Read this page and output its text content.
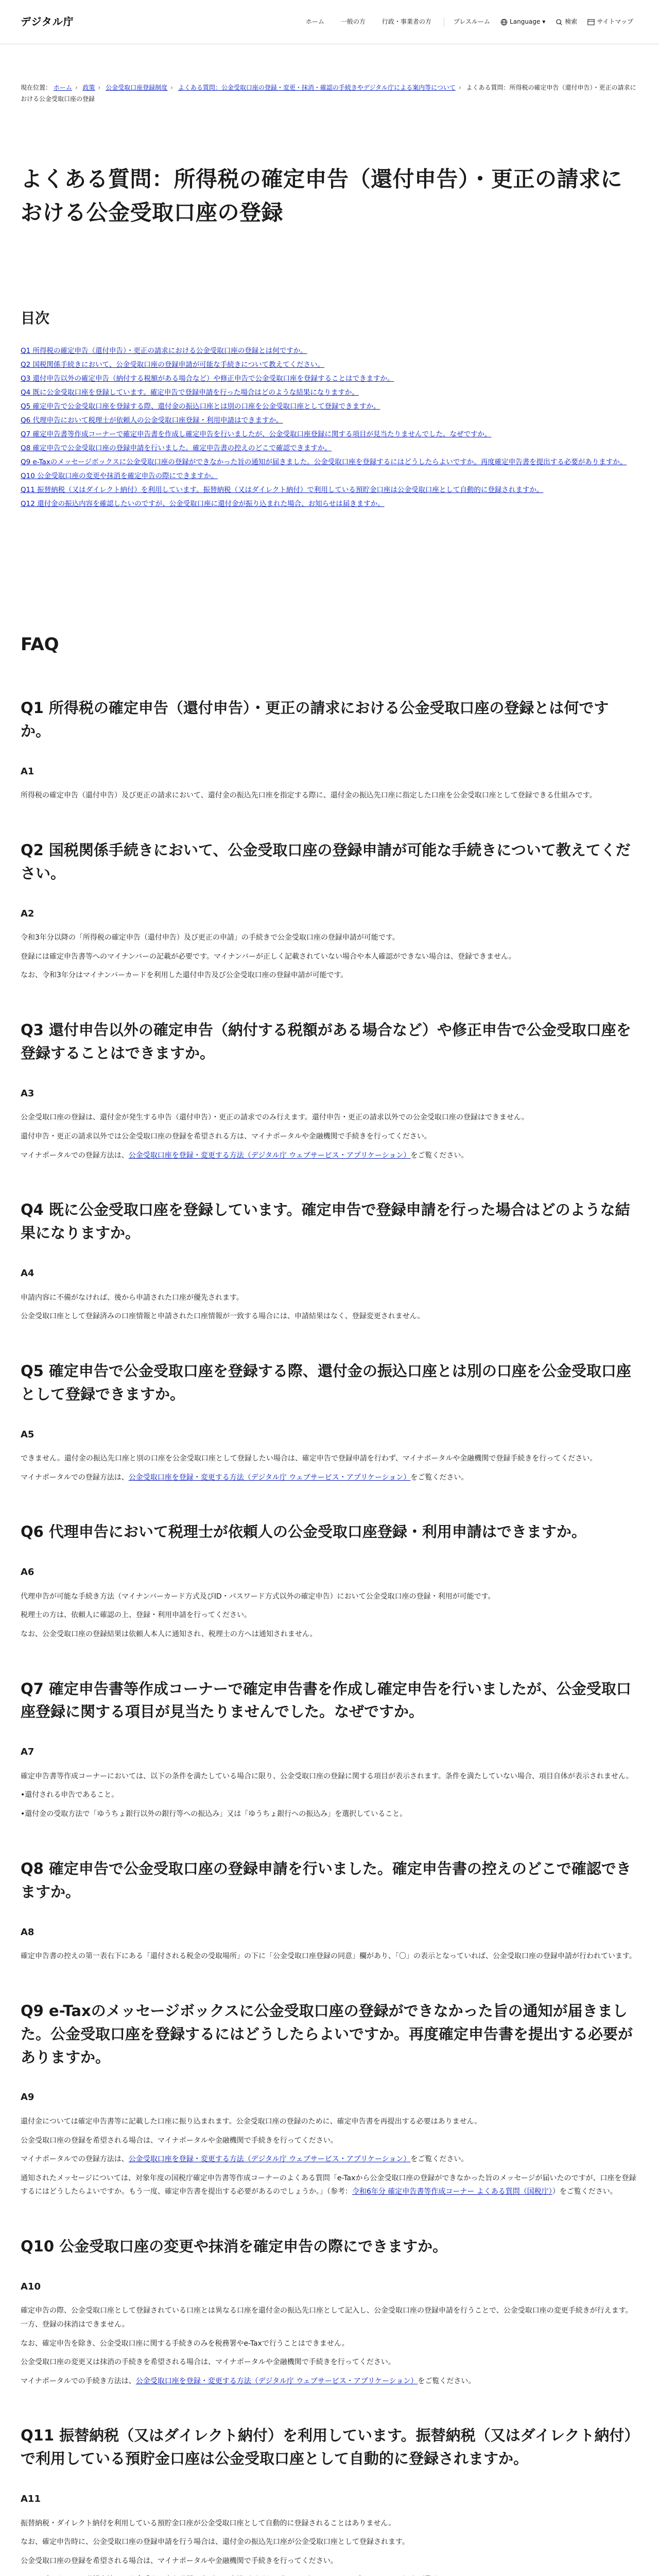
デジタル庁	ホーム	一般の方	行政・事業者の方	プレスルーム	Language ▾	検索	サイトマップ
現在位置： ホーム › 政策 › 公金受取口座登録制度 › よくある質問：公金受取口座の登録・変更・抹消・確認の手続きやデジタル庁による案内等について › よくある質問：所得税の確定申告（還付申告）・更正の請求における公金受取口座の登録
よくある質問：所得税の確定申告（還付申告）・更正の請求における公金受取口座の登録
目次
Q1 所得税の確定申告（還付申告）・更正の請求における公金受取口座の登録とは何ですか。
Q2 国税関係手続きにおいて、公金受取口座の登録申請が可能な手続きについて教えてください。
Q3 還付申告以外の確定申告（納付する税額がある場合など）や修正申告で公金受取口座を登録することはできますか。
Q4 既に公金受取口座を登録しています。確定申告で登録申請を行った場合はどのような結果になりますか。
Q5 確定申告で公金受取口座を登録する際、還付金の振込口座とは別の口座を公金受取口座として登録できますか。
Q6 代理申告において税理士が依頼人の公金受取口座登録・利用申請はできますか。
Q7 確定申告書等作成コーナーで確定申告書を作成し確定申告を行いましたが、公金受取口座登録に関する項目が見当たりませんでした。なぜですか。
Q8 確定申告で公金受取口座の登録申請を行いました。確定申告書の控えのどこで確認できますか。
Q9 e-Taxのメッセージボックスに公金受取口座の登録ができなかった旨の通知が届きました。公金受取口座を登録するにはどうしたらよいですか。再度確定申告書を提出する必要がありますか。
Q10 公金受取口座の変更や抹消を確定申告の際にできますか。
Q11 振替納税（又はダイレクト納付）を利用しています。振替納税（又はダイレクト納付）で利用している預貯金口座は公金受取口座として自動的に登録されますか。
Q12 還付金の振込内容を確認したいのですが、公金受取口座に還付金が振り込まれた場合、お知らせは届きますか。
FAQ
Q1 所得税の確定申告（還付申告）・更正の請求における公金受取口座の登録とは何ですか。
A1

所得税の確定申告（還付申告）及び更正の請求において、還付金の振込先口座を指定する際に、還付金の振込先口座に指定した口座を公金受取口座として登録できる仕組みです。

Q2 国税関係手続きにおいて、公金受取口座の登録申請が可能な手続きについて教えてください。
A2

令和3年分以降の「所得税の確定申告（還付申告）及び更正の申請」の手続きで公金受取口座の登録申請が可能です。

登録には確定申告書等へのマイナンバーの記載が必要です。マイナンバーが正しく記載されていない場合や本人確認ができない場合は、登録できません。

なお、令和3年分はマイナンバーカードを利用した還付申告及び公金受取口座の登録申請が可能です。

Q3 還付申告以外の確定申告（納付する税額がある場合など）や修正申告で公金受取口座を登録することはできますか。
A3

公金受取口座の登録は、還付金が発生する申告（還付申告）・更正の請求でのみ行えます。還付申告・更正の請求以外での公金受取口座の登録はできません。

還付申告・更正の請求以外では公金受取口座の登録を希望される方は、マイナポータルや金融機関で手続きを行ってください。

マイナポータルでの登録方法は、公金受取口座を登録・変更する方法（デジタル庁 ウェブサービス・アプリケーション）をご覧ください。

Q4 既に公金受取口座を登録しています。確定申告で登録申請を行った場合はどのような結果になりますか。
A4

申請内容に不備がなければ、後から申請された口座が優先されます。

公金受取口座として登録済みの口座情報と申請された口座情報が一致する場合には、申請結果はなく、登録変更されません。

Q5 確定申告で公金受取口座を登録する際、還付金の振込口座とは別の口座を公金受取口座として登録できますか。
A5

できません。還付金の振込先口座と別の口座を公金受取口座として登録したい場合は、確定申告で登録申請を行わず、マイナポータルや金融機関で登録手続きを行ってください。

マイナポータルでの登録方法は、公金受取口座を登録・変更する方法（デジタル庁 ウェブサービス・アプリケーション）をご覧ください。

Q6 代理申告において税理士が依頼人の公金受取口座登録・利用申請はできますか。
A6

代理申告が可能な手続き方法（マイナンバーカード方式及びID・パスワード方式以外の確定申告）において公金受取口座の登録・利用が可能です。

税理士の方は、依頼人に確認の上、登録・利用申請を行ってください。

なお、公金受取口座の登録結果は依頼人本人に通知され、税理士の方へは通知されません。

Q7 確定申告書等作成コーナーで確定申告書を作成し確定申告を行いましたが、公金受取口座登録に関する項目が見当たりませんでした。なぜですか。
A7

確定申告書等作成コーナーにおいては、以下の条件を満たしている場合に限り、公金受取口座の登録に関する項目が表示されます。条件を満たしていない場合、項目自体が表示されません。

•還付される申告であること。

•還付金の受取方法で「ゆうちょ銀行以外の銀行等への振込み」又は「ゆうちょ銀行への振込み」を選択していること。

Q8 確定申告で公金受取口座の登録申請を行いました。確定申告書の控えのどこで確認できますか。
A8

確定申告書の控えの第一表右下にある「還付される税金の受取場所」の下に「公金受取口座登録の同意」欄があり、「〇」の表示となっていれば、公金受取口座の登録申請が行われています。

Q9 e-Taxのメッセージボックスに公金受取口座の登録ができなかった旨の通知が届きました。公金受取口座を登録するにはどうしたらよいですか。再度確定申告書を提出する必要がありますか。
A9

還付金については確定申告書等に記載した口座に振り込まれます。公金受取口座の登録のために、確定申告書を再提出する必要はありません。

公金受取口座の登録を希望される場合は、マイナポータルや金融機関で手続きを行ってください。

マイナポータルでの登録方法は、公金受取口座を登録・変更する方法（デジタル庁 ウェブサービス・アプリケーション）をご覧ください。

通知されたメッセージについては、対象年度の国税庁確定申告書等作成コーナーのよくある質問「e-Taxから公金受取口座の登録ができなかった旨のメッセージが届いたのですが、口座を登録するにはどうしたらよいですか。もう一度、確定申告書を提出する必要があるのでしょうか。」（参考：令和6年分 確定申告書等作成コーナー よくある質問（国税庁））をご覧ください。

Q10 公金受取口座の変更や抹消を確定申告の際にできますか。
A10

確定申告の際、公金受取口座として登録されている口座とは異なる口座を還付金の振込先口座として記入し、公金受取口座の登録申請を行うことで、公金受取口座の変更手続きが行えます。一方、登録の抹消はできません。

なお、確定申告を除き、公金受取口座に関する手続きのみを税務署やe-Taxで行うことはできません。

公金受取口座の変更又は抹消の手続きを希望される場合は、マイナポータルや金融機関で手続きを行ってください。

マイナポータルでの手続き方法は、公金受取口座を登録・変更する方法（デジタル庁 ウェブサービス・アプリケーション）をご覧ください。

Q11 振替納税（又はダイレクト納付）を利用しています。振替納税（又はダイレクト納付）で利用している預貯金口座は公金受取口座として自動的に登録されますか。
A11

振替納税・ダイレクト納付を利用している預貯金口座が公金受取口座として自動的に登録されることはありません。

なお、確定申告時に、公金受取口座の登録申請を行う場合は、還付金の振込先口座が公金受取口座として登録されます。

公金受取口座の登録を希望される場合は、マイナポータルや金融機関で手続きを行ってください。
